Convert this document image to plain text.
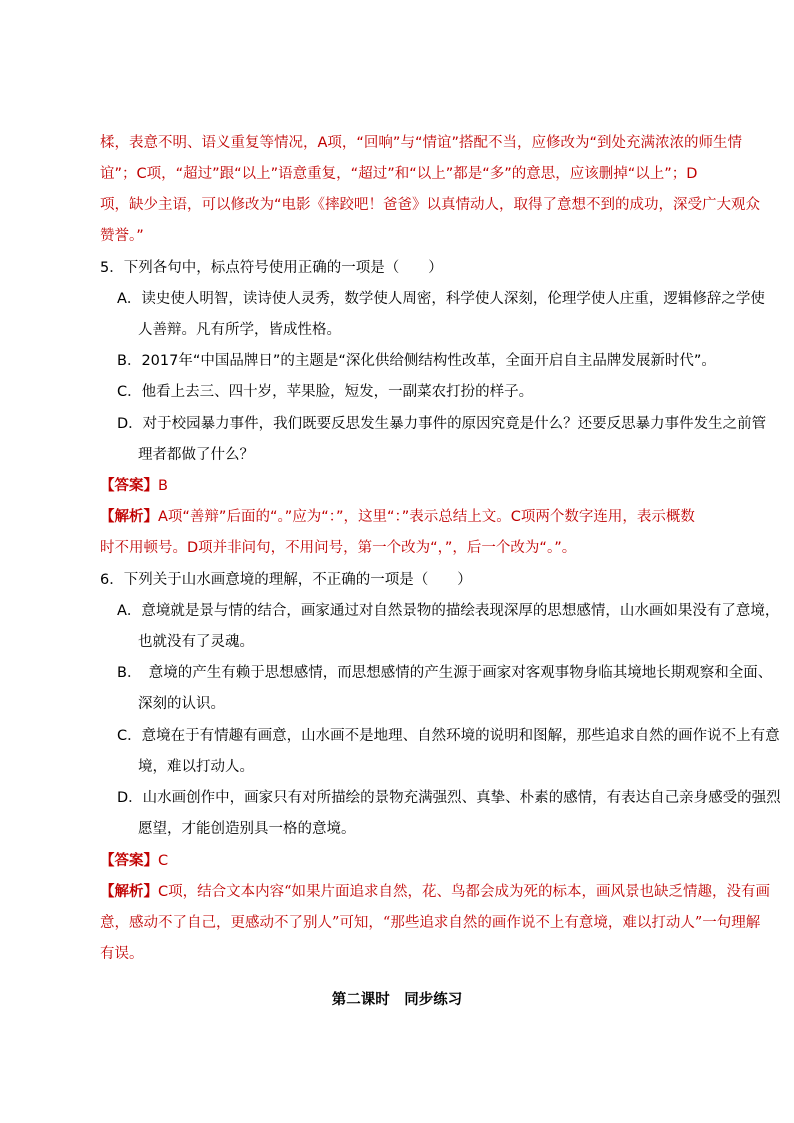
楺，表意不明、语义重复等情况，A项，“回响”与“情谊”搭配不当，应修改为“到处充满浓浓的师生情
谊”；C项，“超过”跟“以上”语意重复，“超过”和“以上”都是“多”的意思，应该删掉“以上”；D
项，缺少主语，可以修改为“电影《摔跤吧！爸爸》以真情动人，取得了意想不到的成功，深受广大观众
赞誉。”
5．下列各句中，标点符号使用正确的一项是（　　）
A．读史使人明智，读诗使人灵秀，数学使人周密，科学使人深刻，伦理学使人庄重，逻辑修辞之学使
人善辩。凡有所学，皆成性格。
B．2017年“中国品牌日”的主题是“深化供给侧结构性改革，全面开启自主品牌发展新时代”。
C．他看上去三、四十岁，苹果脸，短发，一副菜农打扮的样子。
D．对于校园暴力事件，我们既要反思发生暴力事件的原因究竟是什么？还要反思暴力事件发生之前管
理者都做了什么？
【答案】B
【解析】A项“善辩”后面的“。”应为“：”，这里“：”表示总结上文。C项两个数字连用，表示概数
时不用顿号。D项并非问句，不用问号，第一个改为“，”，后一个改为“。”。
6．下列关于山水画意境的理解，不正确的一项是（　　）
A．意境就是景与情的结合，画家通过对自然景物的描绘表现深厚的思想感情，山水画如果没有了意境，
也就没有了灵魂。
B．　意境的产生有赖于思想感情，而思想感情的产生源于画家对客观事物身临其境地长期观察和全面、
深刻的认识。
C．意境在于有情趣有画意，山水画不是地理、自然环境的说明和图解，那些追求自然的画作说不上有意
境，难以打动人。
D．山水画创作中，画家只有对所描绘的景物充满强烈、真挚、朴素的感情，有表达自己亲身感受的强烈
愿望，才能创造别具一格的意境。
【答案】C
【解析】C项，结合文本内容“如果片面追求自然，花、鸟都会成为死的标本，画风景也缺乏情趣，没有画
意，感动不了自己，更感动不了别人”可知，“那些追求自然的画作说不上有意境，难以打动人”一句理解
有误。
第二课时　同步练习
